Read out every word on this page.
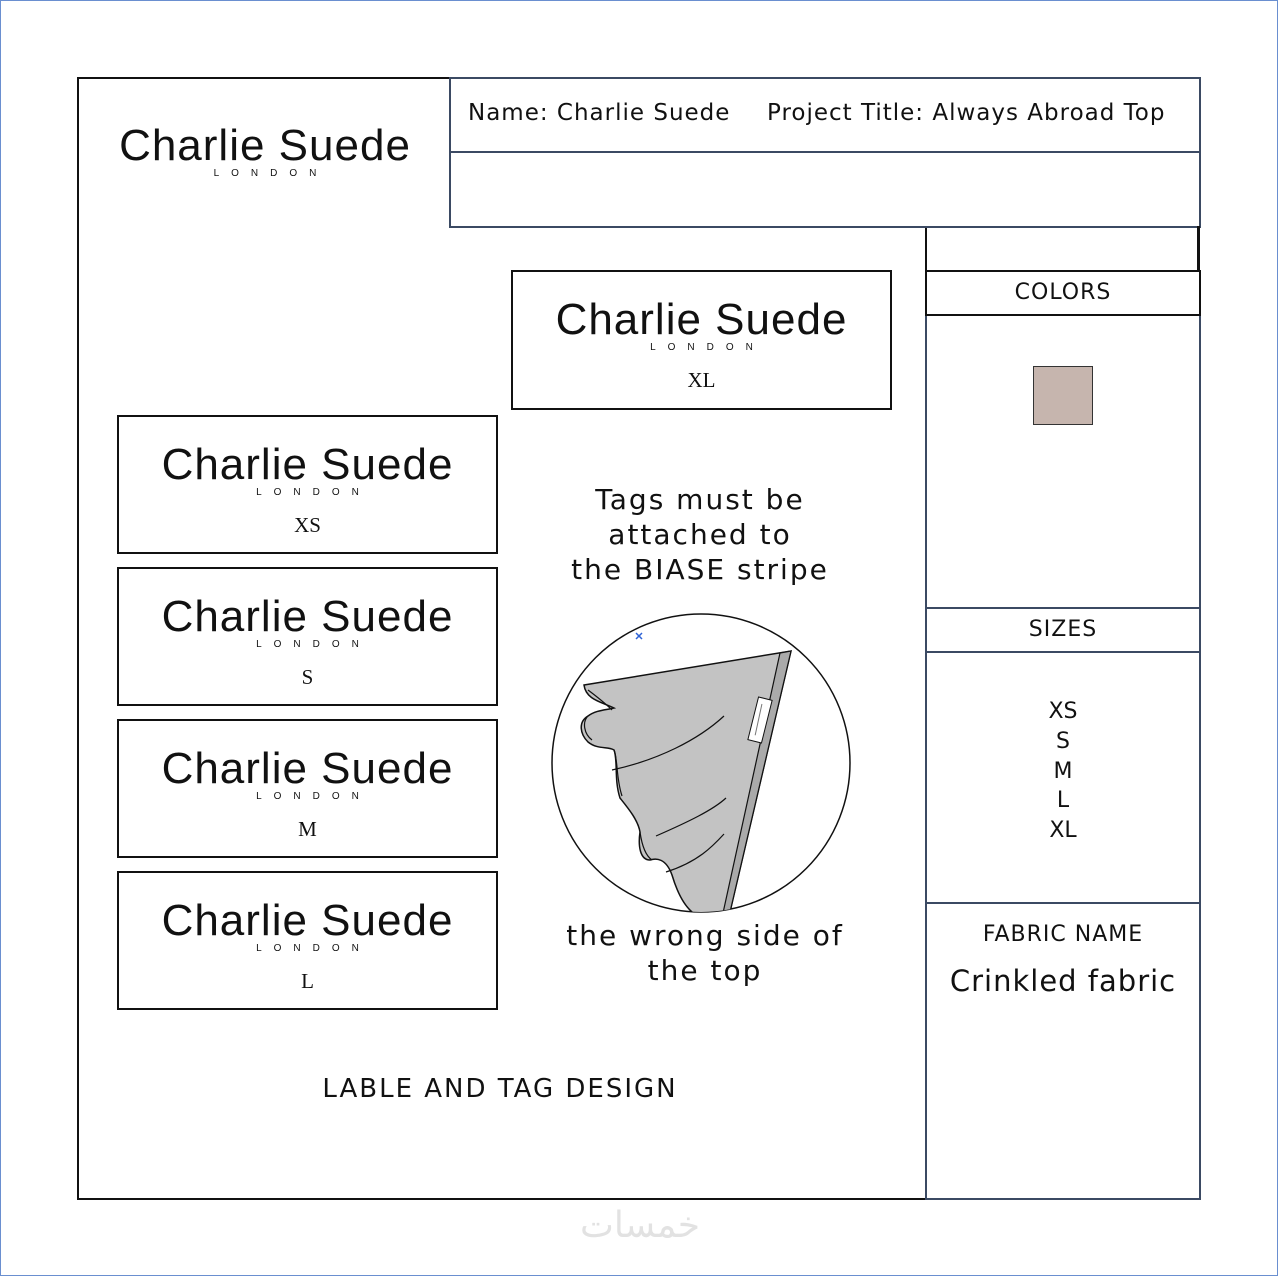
Charlie Suede
LONDON
Name: Charlie Suede Project Title: Always Abroad Top
COLORS
SIZES
XS
S
M
L
XL
FABRIC NAME
Crinkled fabric
Charlie Suede
LONDON
XL
Charlie Suede
LONDON
XS
Charlie Suede
LONDON
S
Charlie Suede
LONDON
M
Charlie Suede
LONDON
L
Tags must be
attached to
the BIASE stripe
the wrong side of
the top
LABLE AND TAG DESIGN
خمسات
